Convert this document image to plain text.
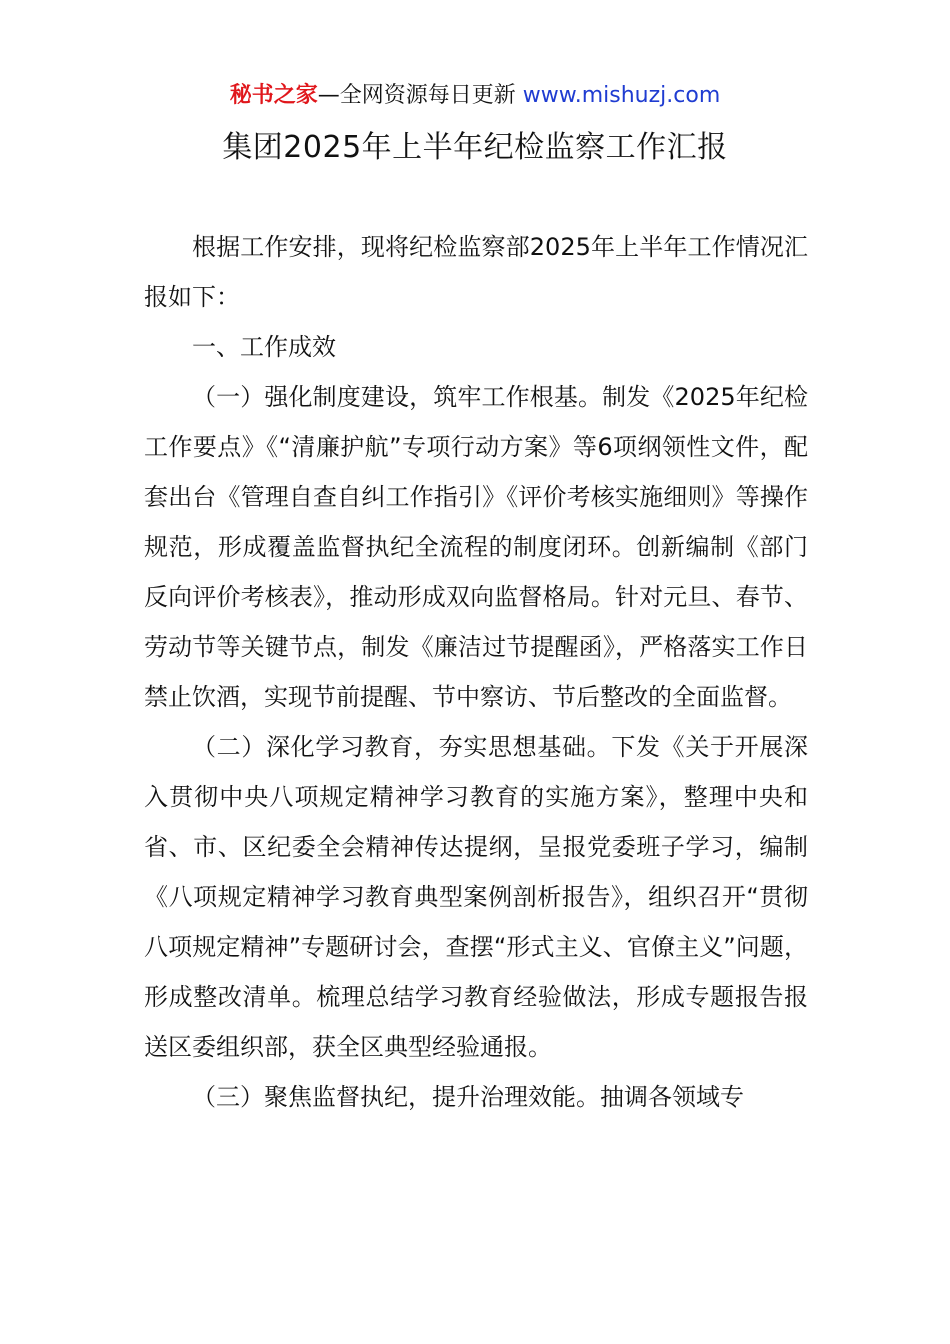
秘书之家—全网资源每日更新 www.mishuzj.com
集团2025年上半年纪检监察工作汇报

根据工作安排，现将纪检监察部2025年上半年工作情况汇报如下：

一、工作成效

（一）强化制度建设，筑牢工作根基。制发《2025年纪检工作要点》《“清廉护航”专项行动方案》等6项纲领性文件，配套出台《管理自查自纠工作指引》《评价考核实施细则》等操作规范，形成覆盖监督执纪全流程的制度闭环。创新编制《部门反向评价考核表》，推动形成双向监督格局。针对元旦、春节、劳动节等关键节点，制发《廉洁过节提醒函》，严格落实工作日禁止饮酒，实现节前提醒、节中察访、节后整改的全面监督。

（二）深化学习教育，夯实思想基础。下发《关于开展深入贯彻中央八项规定精神学习教育的实施方案》，整理中央和省、市、区纪委全会精神传达提纲，呈报党委班子学习，编制《八项规定精神学习教育典型案例剖析报告》，组织召开“贯彻八项规定精神”专题研讨会，查摆“形式主义、官僚主义”问题，形成整改清单。梳理总结学习教育经验做法，形成专题报告报送区委组织部，获全区典型经验通报。

（三）聚焦监督执纪，提升治理效能。抽调各领域专
